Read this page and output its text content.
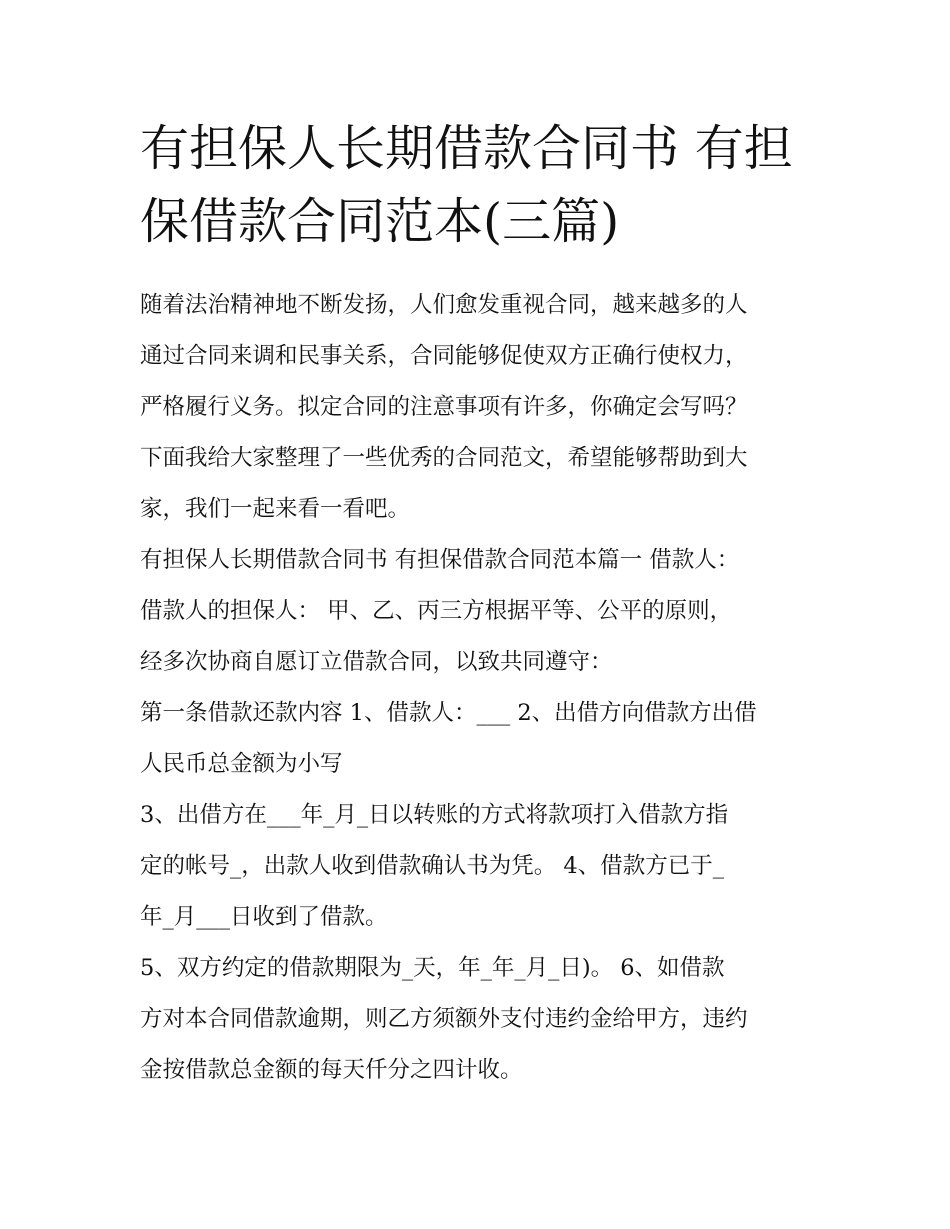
有担保人长期借款合同书 有担
保借款合同范本(三篇)
随着法治精神地不断发扬，人们愈发重视合同，越来越多的人
通过合同来调和民事关系，合同能够促使双方正确行使权力，
严格履行义务。拟定合同的注意事项有许多，你确定会写吗？
下面我给大家整理了一些优秀的合同范文，希望能够帮助到大
家，我们一起来看一看吧。
有担保人长期借款合同书 有担保借款合同范本篇一 借款人：
借款人的担保人： 甲、乙、丙三方根据平等、公平的原则，
经多次协商自愿订立借款合同，以致共同遵守：
第一条借款还款内容 1、借款人：___ 2、出借方向借款方出借
人民币总金额为小写
3、出借方在___年_月_日以转账的方式将款项打入借款方指
定的帐号_，出款人收到借款确认书为凭。 4、借款方已于_
年_月___日收到了借款。
5、双方约定的借款期限为_天，年_年_月_日)。 6、如借款
方对本合同借款逾期，则乙方须额外支付违约金给甲方，违约
金按借款总金额的每天仟分之四计收。
